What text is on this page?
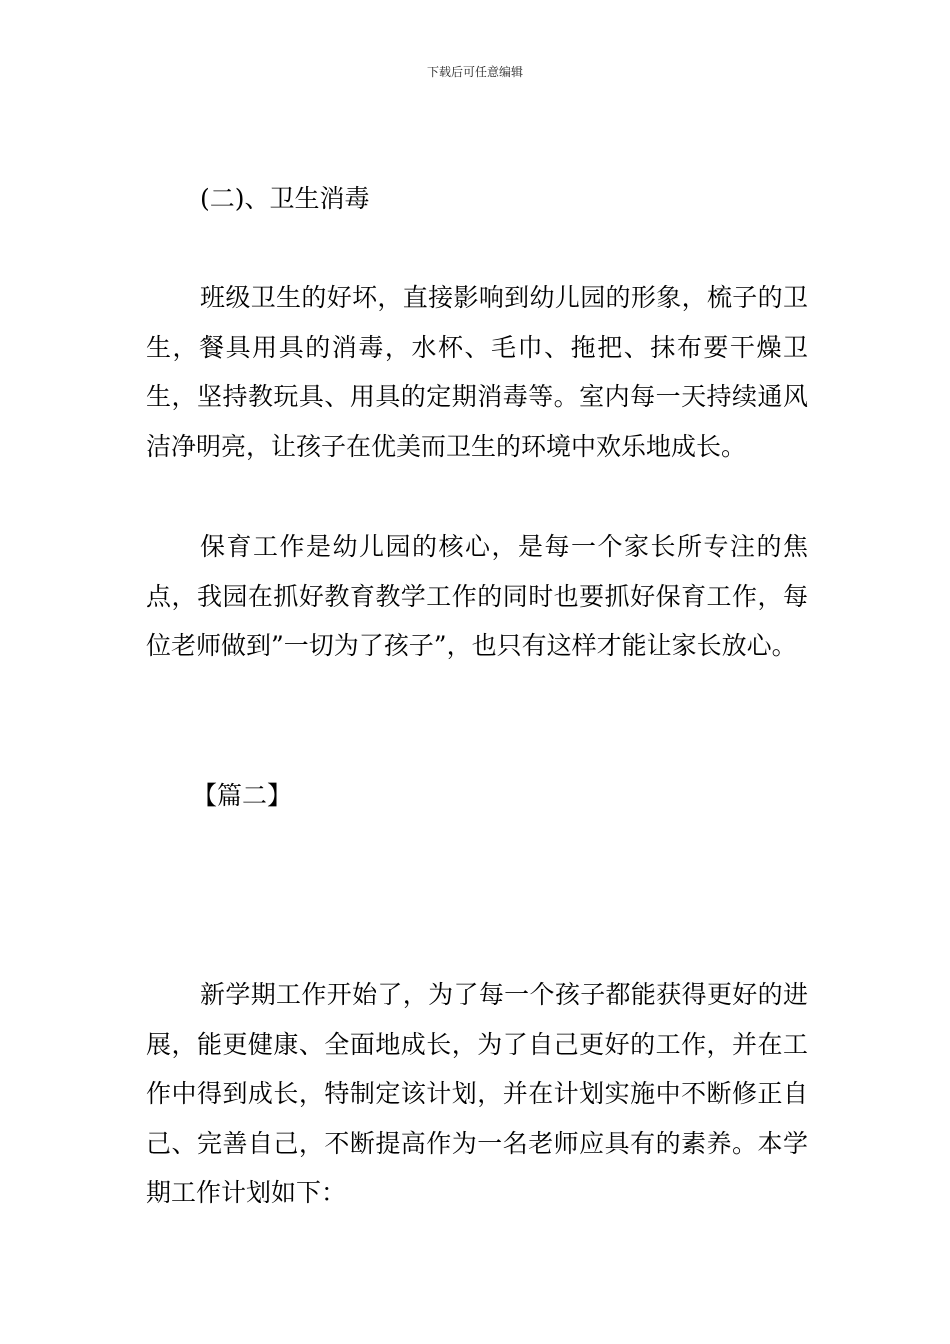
下载后可任意编辑
(二)、卫生消毒
班级卫生的好坏，直接影响到幼儿园的形象，梳子的卫生，餐具用具的消毒，水杯、毛巾、拖把、抹布要干燥卫生，坚持教玩具、用具的定期消毒等。室内每一天持续通风洁净明亮，让孩子在优美而卫生的环境中欢乐地成长。
保育工作是幼儿园的核心，是每一个家长所专注的焦点，我园在抓好教育教学工作的同时也要抓好保育工作，每位老师做到”一切为了孩子”，也只有这样才能让家长放心。
【篇二】
新学期工作开始了，为了每一个孩子都能获得更好的进展，能更健康、全面地成长，为了自己更好的工作，并在工作中得到成长，特制定该计划，并在计划实施中不断修正自己、完善自己，不断提高作为一名老师应具有的素养。本学期工作计划如下：
